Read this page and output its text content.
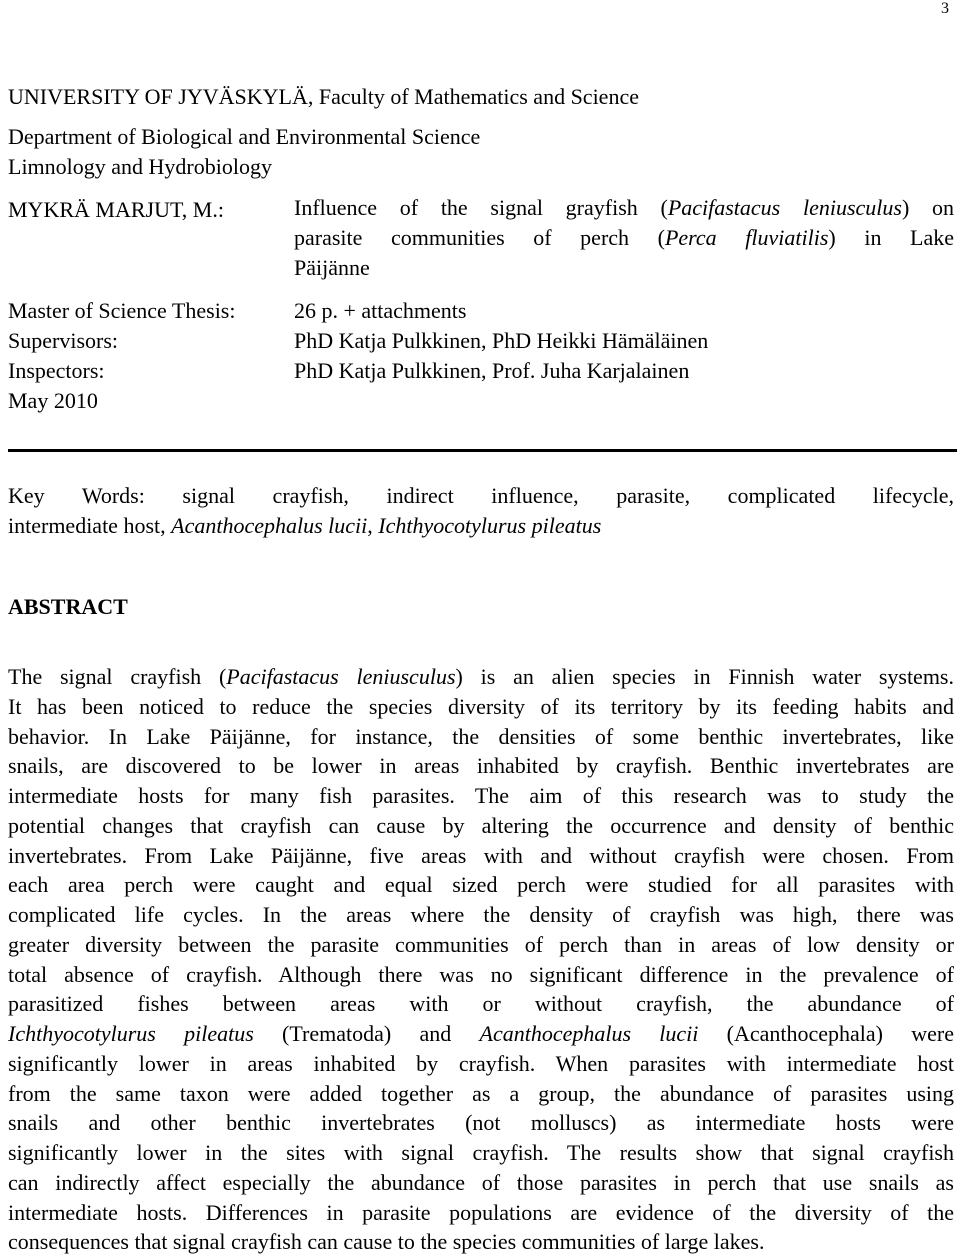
3
UNIVERSITY OF JYVÄSKYLÄ, Faculty of Mathematics and Science
Department of Biological and Environmental Science
Limnology and Hydrobiology
MYKRÄ MARJUT, M.:	Influence of the signal grayfish (Pacifastacus leniusculus) on
parasite communities of perch (Perca fluviatilis) in Lake
Päijänne
Master of Science Thesis:	26 p. + attachments
Supervisors:	PhD Katja Pulkkinen, PhD Heikki Hämäläinen
Inspectors:	PhD Katja Pulkkinen, Prof. Juha Karjalainen
May 2010
Key Words: signal crayfish, indirect influence, parasite, complicated lifecycle,
intermediate host, Acanthocephalus lucii, Ichthyocotylurus pileatus
ABSTRACT
The signal crayfish (Pacifastacus leniusculus) is an alien species in Finnish water systems.
It has been noticed to reduce the species diversity of its territory by its feeding habits and
behavior. In Lake Päijänne, for instance, the densities of some benthic invertebrates, like
snails, are discovered to be lower in areas inhabited by crayfish. Benthic invertebrates are
intermediate hosts for many fish parasites. The aim of this research was to study the
potential changes that crayfish can cause by altering the occurrence and density of benthic
invertebrates. From Lake Päijänne, five areas with and without crayfish were chosen. From
each area perch were caught and equal sized perch were studied for all parasites with
complicated life cycles. In the areas where the density of crayfish was high, there was
greater diversity between the parasite communities of perch than in areas of low density or
total absence of crayfish. Although there was no significant difference in the prevalence of
parasitized fishes between areas with or without crayfish, the abundance of
Ichthyocotylurus pileatus (Trematoda) and Acanthocephalus lucii (Acanthocephala) were
significantly lower in areas inhabited by crayfish. When parasites with intermediate host
from the same taxon were added together as a group, the abundance of parasites using
snails and other benthic invertebrates (not molluscs) as intermediate hosts were
significantly lower in the sites with signal crayfish. The results show that signal crayfish
can indirectly affect especially the abundance of those parasites in perch that use snails as
intermediate hosts. Differences in parasite populations are evidence of the diversity of the
consequences that signal crayfish can cause to the species communities of large lakes.
